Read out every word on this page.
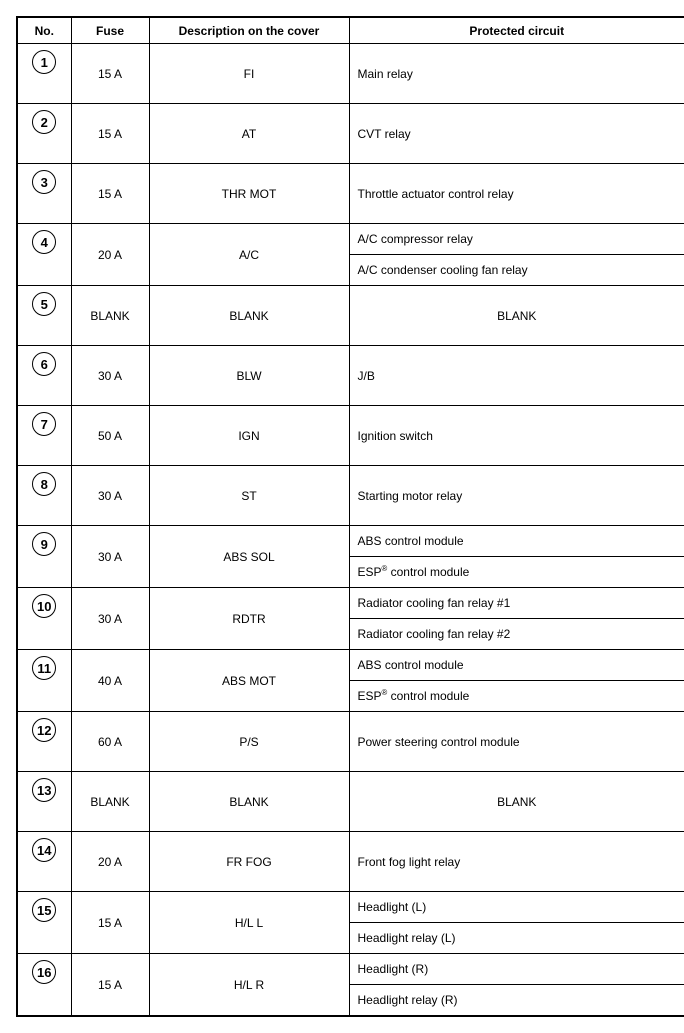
No.	Fuse	Description on the cover	Protected circuit
1	15 A	FI	Main relay
2	15 A	AT	CVT relay
3	15 A	THR MOT	Throttle actuator control relay
4	20 A	A/C	A/C compressor relay
			A/C condenser cooling fan relay
5	BLANK	BLANK	BLANK
6	30 A	BLW	J/B
7	50 A	IGN	Ignition switch
8	30 A	ST	Starting motor relay
9	30 A	ABS SOL	ABS control module
			ESP® control module
10	30 A	RDTR	Radiator cooling fan relay #1
			Radiator cooling fan relay #2
11	40 A	ABS MOT	ABS control module
			ESP® control module
12	60 A	P/S	Power steering control module
13	BLANK	BLANK	BLANK
14	20 A	FR FOG	Front fog light relay
15	15 A	H/L L	Headlight (L)
			Headlight relay (L)
16	15 A	H/L R	Headlight (R)
			Headlight relay (R)
